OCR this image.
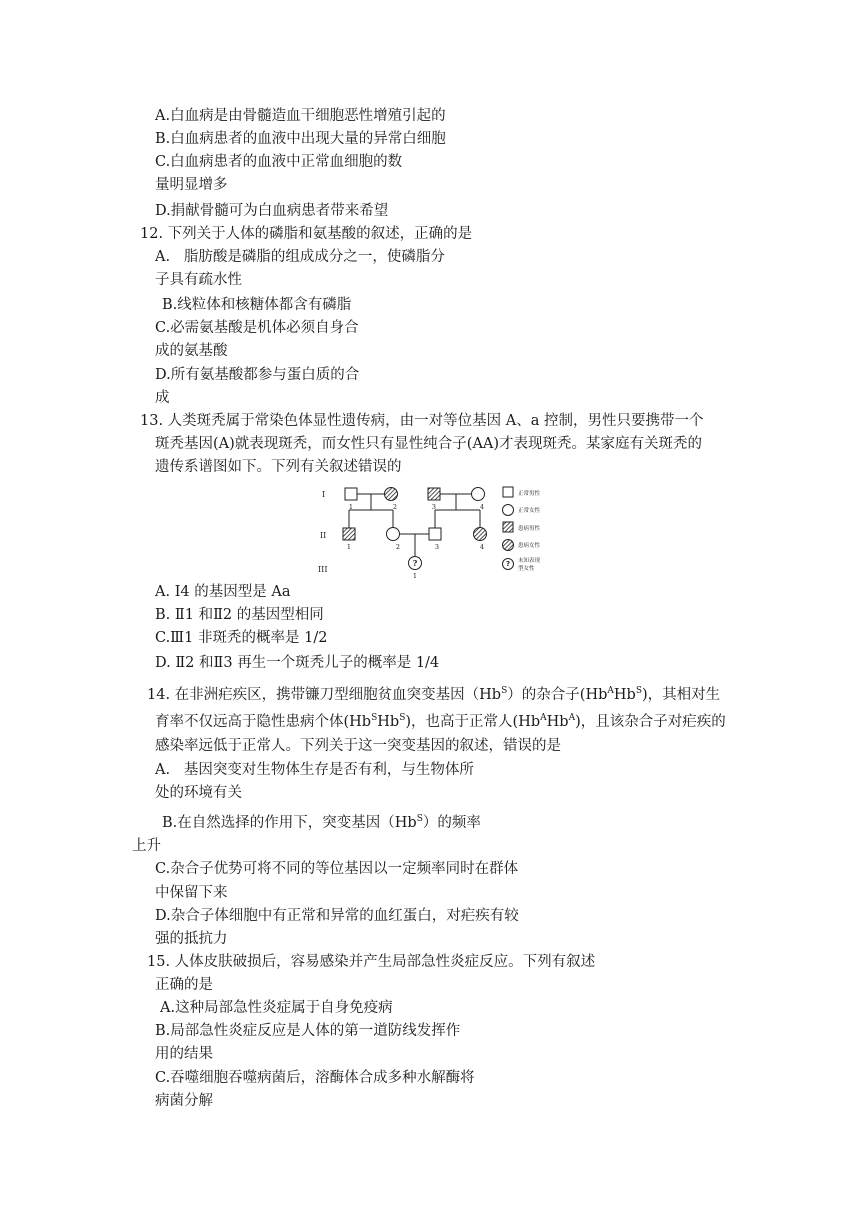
A.白血病是由骨髓造血干细胞恶性增殖引起的
B.白血病患者的血液中出现大量的异常白细胞
C.白血病患者的血液中正常血细胞的数
量明显增多
D.捐献骨髓可为白血病患者带来希望
12. 下列关于人体的磷脂和氨基酸的叙述，正确的是
A.   脂肪酸是磷脂的组成成分之一，使磷脂分
子具有疏水性
B.线粒体和核糖体都含有磷脂
C.必需氨基酸是机体必须自身合
成的氨基酸
D.所有氨基酸都参与蛋白质的合
成
13. 人类斑秃属于常染色体显性遗传病，由一对等位基因 A、a 控制，男性只要携带一个
斑秃基因(A)就表现斑秃，而女性只有显性纯合子(AA)才表现斑秃。某家庭有关斑秃的
遗传系谱图如下。下列有关叙述错误的
I
II
III
1	2	3	4
1	2	3	4
1
?	?
正常男性
正常女性
患病男性
患病女性
未知表现
型女性
A. Ⅰ4 的基因型是 Aa
B. Ⅱ1 和Ⅱ2 的基因型相同
C.Ⅲ1 非斑秃的概率是 1/2
D. Ⅱ2 和Ⅱ3 再生一个斑秃儿子的概率是 1/4
14. 在非洲疟疾区，携带镰刀型细胞贫血突变基因$(Hb^S)$的杂合子$(Hb^AHb^S)$，其相对生
育率不仅远高于隐性患病个体$(Hb^SHb^S)$，也高于正常人$(Hb^AHb^A)$，且该杂合子对疟疾的
感染率远低于正常人。下列关于这一突变基因的叙述，错误的是
A.   基因突变对生物体生存是否有利，与生物体所
处的环境有关
B.在自然选择的作用下，突变基因$(Hb^S)$的频率
上升
C.杂合子优势可将不同的等位基因以一定频率同时在群体
中保留下来
D.杂合子体细胞中有正常和异常的血红蛋白，对疟疾有较
强的抵抗力
15. 人体皮肤破损后，容易感染并产生局部急性炎症反应。下列有叙述
正确的是
A.这种局部急性炎症属于自身免疫病
B.局部急性炎症反应是人体的第一道防线发挥作
用的结果
C.吞噬细胞吞噬病菌后，溶酶体合成多种水解酶将
病菌分解
